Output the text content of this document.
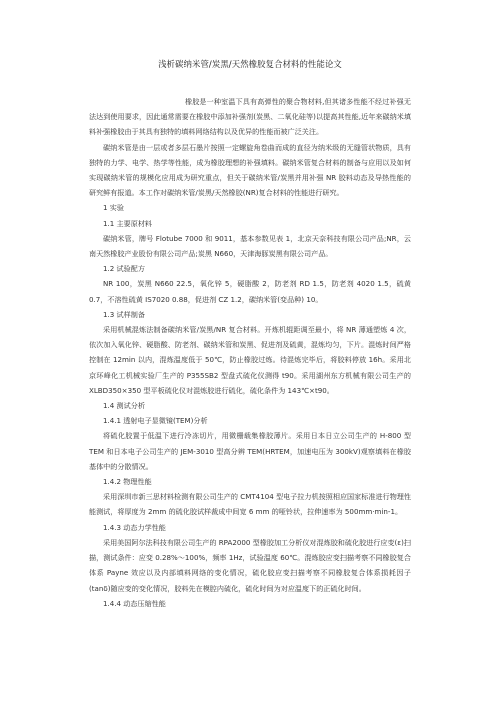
浅析碳纳米管/炭黑/天然橡胶复合材料的性能论文

橡胶是一种室温下具有高弹性的聚合物材料,但其诸多性能不经过补强无法达到使用要求，因此通常需要在橡胶中添加补强剂(炭黑、二氧化硅等)以提高其性能,近年来碳纳米填料补强橡胶由于其具有独特的填料网络结构以及优异的性能而被广泛关注。

碳纳米管是由一层或者多层石墨片按照一定螺旋角卷曲而成的直径为纳米级的无缝管状物质，具有独特的力学、电学、热学等性能，成为橡胶理想的补强填料。碳纳米管复合材料的制备与应用以及如何实现碳纳米管的规模化应用成为研究重点，但关于碳纳米管/炭黑并用补强 NR 胶料动态及导热性能的研究鲜有报道。本工作对碳纳米管/炭黑/天然橡胶(NR)复合材料的性能进行研究。

1 实验

1.1 主要原材料

碳纳米管，牌号 Flotube 7000 和 9011，基本参数见表 1，北京天奈科技有限公司产品;NR，云南天然橡胶产业股份有限公司产品;炭黑 N660，天津海豚炭黑有限公司产品。

1.2 试验配方

NR 100，炭黑 N660 22.5，氧化锌 5，硬脂酸 2，防老剂 RD 1.5，防老剂 4020 1.5，硫黄 0.7，不溶性硫黄 IS7020 0.88，促进剂 CZ 1.2，碳纳米管(变品种) 10。

1.3 试样制备

采用机械混炼法制备碳纳米管/炭黑/NR 复合材料。开炼机辊距调至最小，将 NR 薄通塑炼 4 次，依次加入氧化锌、硬脂酸、防老剂、碳纳米管和炭黑、促进剂及硫黄，混炼均匀，下片。混炼时间严格控制在 12min 以内，混炼温度低于 50℃，防止橡胶过炼。待混炼完毕后，将胶料停放 16h。采用北京环峰化工机械实验厂生产的 P355SB2 型盘式硫化仪测得 t90。采用湖州东方机械有限公司生产的 XLBD350×350 型平板硫化仪对混炼胶进行硫化，硫化条件为 143℃×t90。

1.4 测试分析

1.4.1 透射电子显微镜(TEM)分析

将硫化胶置于低温下进行冷冻切片，用微栅载集橡胶薄片。采用日本日立公司生产的 H-800 型 TEM 和日本电子公司生产的 JEM-3010 型高分辨 TEM(HRTEM，加速电压为 300kV)观察填料在橡胶基体中的分散情况。

1.4.2 物理性能

采用深圳市新三思材料检测有限公司生产的 CMT4104 型电子拉力机按照相应国家标准进行物理性能测试，将厚度为 2mm 的硫化胶试样裁成中间宽 6 mm 的哑铃状，拉伸速率为 500mm·min-1。

1.4.3 动态力学性能

采用美国阿尔法科技有限公司生产的 RPA2000 型橡胶加工分析仪对混炼胶和硫化胶进行应变(ε)扫描，测试条件：应变 0.28%～100%，频率 1Hz，试验温度 60℃。混炼胶应变扫描考察不同橡胶复合体系 Payne 效应以及内部填料网络的变化情况，硫化胶应变扫描考察不同橡胶复合体系损耗因子(tanδ)随应变的变化情况，胶料先在模腔内硫化，硫化时间为对应温度下的正硫化时间。

1.4.4 动态压缩性能
